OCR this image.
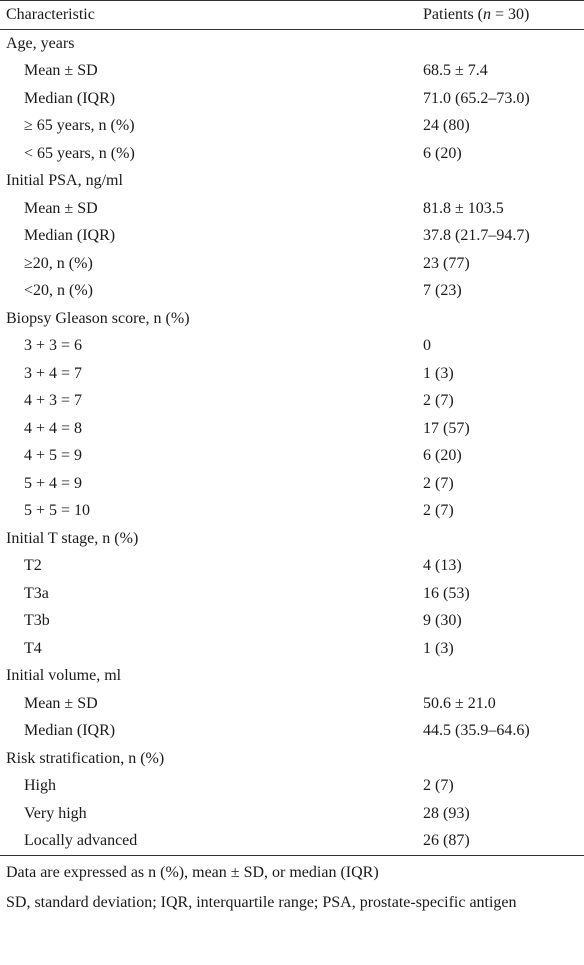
Characteristic	Patients (n = 30)
Age, years	
Mean ± SD	68.5 ± 7.4
Median (IQR)	71.0 (65.2–73.0)
≥ 65 years, n (%)	24 (80)
< 65 years, n (%)	6 (20)
Initial PSA, ng/ml	
Mean ± SD	81.8 ± 103.5
Median (IQR)	37.8 (21.7–94.7)
≥20, n (%)	23 (77)
<20, n (%)	7 (23)
Biopsy Gleason score, n (%)	
3 + 3 = 6	0
3 + 4 = 7	1 (3)
4 + 3 = 7	2 (7)
4 + 4 = 8	17 (57)
4 + 5 = 9	6 (20)
5 + 4 = 9	2 (7)
5 + 5 = 10	2 (7)
Initial T stage, n (%)	
T2	4 (13)
T3a	16 (53)
T3b	9 (30)
T4	1 (3)
Initial volume, ml	
Mean ± SD	50.6 ± 21.0
Median (IQR)	44.5 (35.9–64.6)
Risk stratification, n (%)	
High	2 (7)
Very high	28 (93)
Locally advanced	26 (87)

Data are expressed as n (%), mean ± SD, or median (IQR)

SD, standard deviation; IQR, interquartile range; PSA, prostate-specific antigen
